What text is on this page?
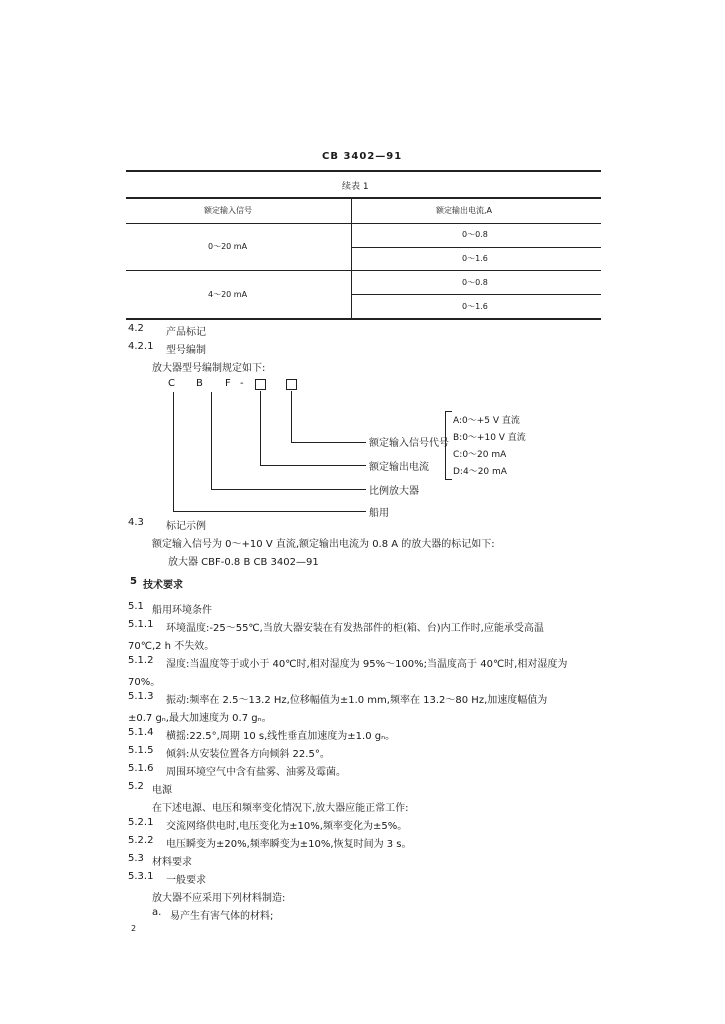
CB 3402—91
续表 1
额定输入信号	额定输出电流,A
0～20 mA
0～0.8
0～1.6
4～20 mA
0～0.8
0～1.6
4.2 产品标记
4.2.1 型号编制
放大器型号编制规定如下:
C B F -
额定输入信号代号
额定输出电流
比例放大器
船用
A:0～+5 V 直流
B:0～+10 V 直流
C:0～20 mA
D:4～20 mA
4.3 标记示例
额定输入信号为 0～+10 V 直流,额定输出电流为 0.8 A 的放大器的标记如下:
放大器 CBF-0.8 B CB 3402—91
5 技术要求
5.1 船用环境条件
5.1.1 环境温度:-25～55℃,当放大器安装在有发热部件的柜(箱、台)内工作时,应能承受高温
70℃,2 h 不失效。
5.1.2 湿度:当温度等于或小于 40℃时,相对湿度为 95%～100%;当温度高于 40℃时,相对湿度为
70%。
5.1.3 振动:频率在 2.5～13.2 Hz,位移幅值为±1.0 mm,频率在 13.2～80 Hz,加速度幅值为
±0.7 gₙ,最大加速度为 0.7 gₙ。
5.1.4 横摇:22.5°,周期 10 s,线性垂直加速度为±1.0 gₙ。
5.1.5 倾斜:从安装位置各方向倾斜 22.5°。
5.1.6 周围环境空气中含有盐雾、油雾及霉菌。
5.2 电源
在下述电源、电压和频率变化情况下,放大器应能正常工作:
5.2.1 交流网络供电时,电压变化为±10%,频率变化为±5%。
5.2.2 电压瞬变为±20%,频率瞬变为±10%,恢复时间为 3 s。
5.3 材料要求
5.3.1 一般要求
放大器不应采用下列材料制造:
a. 易产生有害气体的材料;
2
